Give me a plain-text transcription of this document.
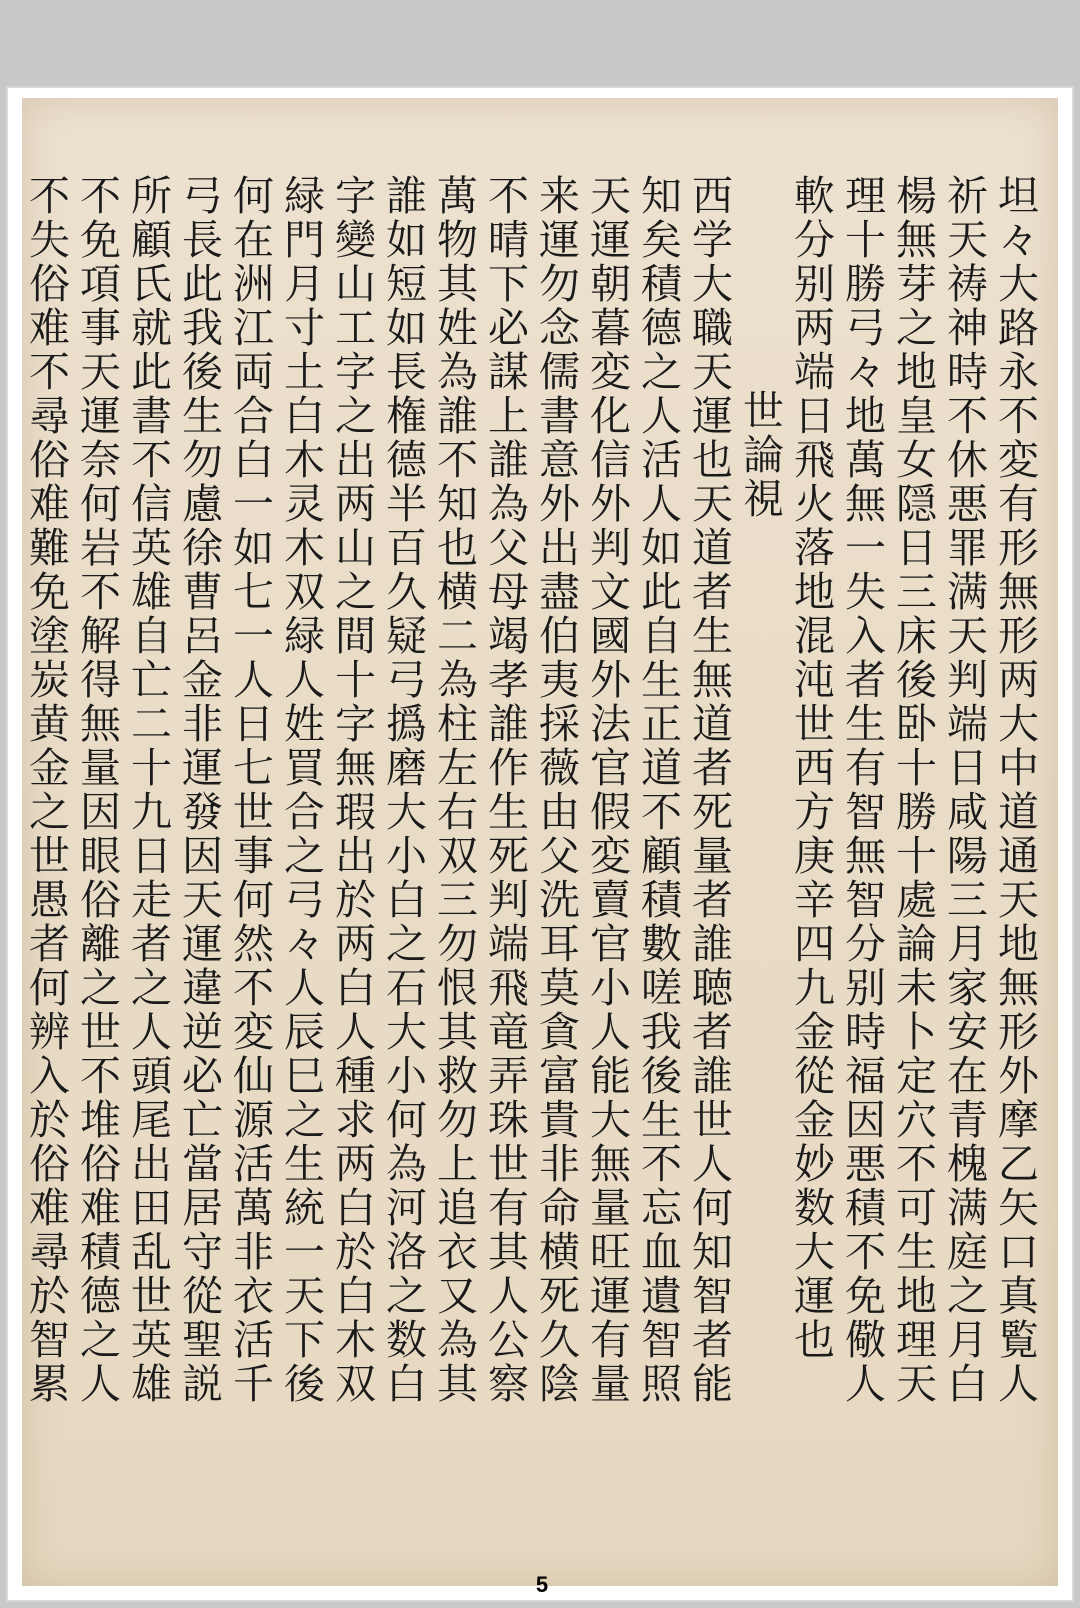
坦々大路永不変有形無形两大中道通天地無形外摩乙矢口真覧人
祈天祷神時不休悪罪满天判端日咸陽三月家安在青槐满庭之月白
楊無芽之地皇女隠日三床後卧十勝十處論未卜定穴不可生地理天
理十勝弓々地萬無一失入者生有智無智分别時福因悪積不免儆人
軟分别两端日飛火落地混沌世西方庚辛四九金從金妙数大運也
世論視
西学大職天運也天道者生無道者死量者誰聴者誰世人何知智者能
知矣積德之人活人如此自生正道不顧積數嗟我後生不忘血遺智照
天運朝暮変化信外判文國外法官假変賣官小人能大無量旺運有量
来運勿念儒書意外出盡伯夷採薇由父洗耳莫貪富貴非命横死久陰
不晴下必謀上誰為父母竭孝誰作生死判端飛竜弄珠世有其人公察
萬物其姓為誰不知也横二為柱左右双三勿恨其救勿上追衣又為其
誰如短如長権德半百久疑弓撝磨大小白之石大小何為河洛之数白
字變山工字之出两山之間十字無瑕出於两白人種求两白於白木双
緑門月寸土白木灵木双緑人姓買合之弓々人辰巳之生統一天下後
何在洲江両合白一如七一人日七世事何然不変仙源活萬非衣活千
弓長此我後生勿慮徐曹呂金非運發因天運違逆必亡當居守從聖説
所顧氏就此書不信英雄自亡二十九日走者之人頭尾出田乱世英雄
不免項事天運奈何岩不解得無量因眼俗離之世不堆俗难積德之人
不失俗难不尋俗难難免塗炭黄金之世愚者何辨入於俗难尋於智累
5
